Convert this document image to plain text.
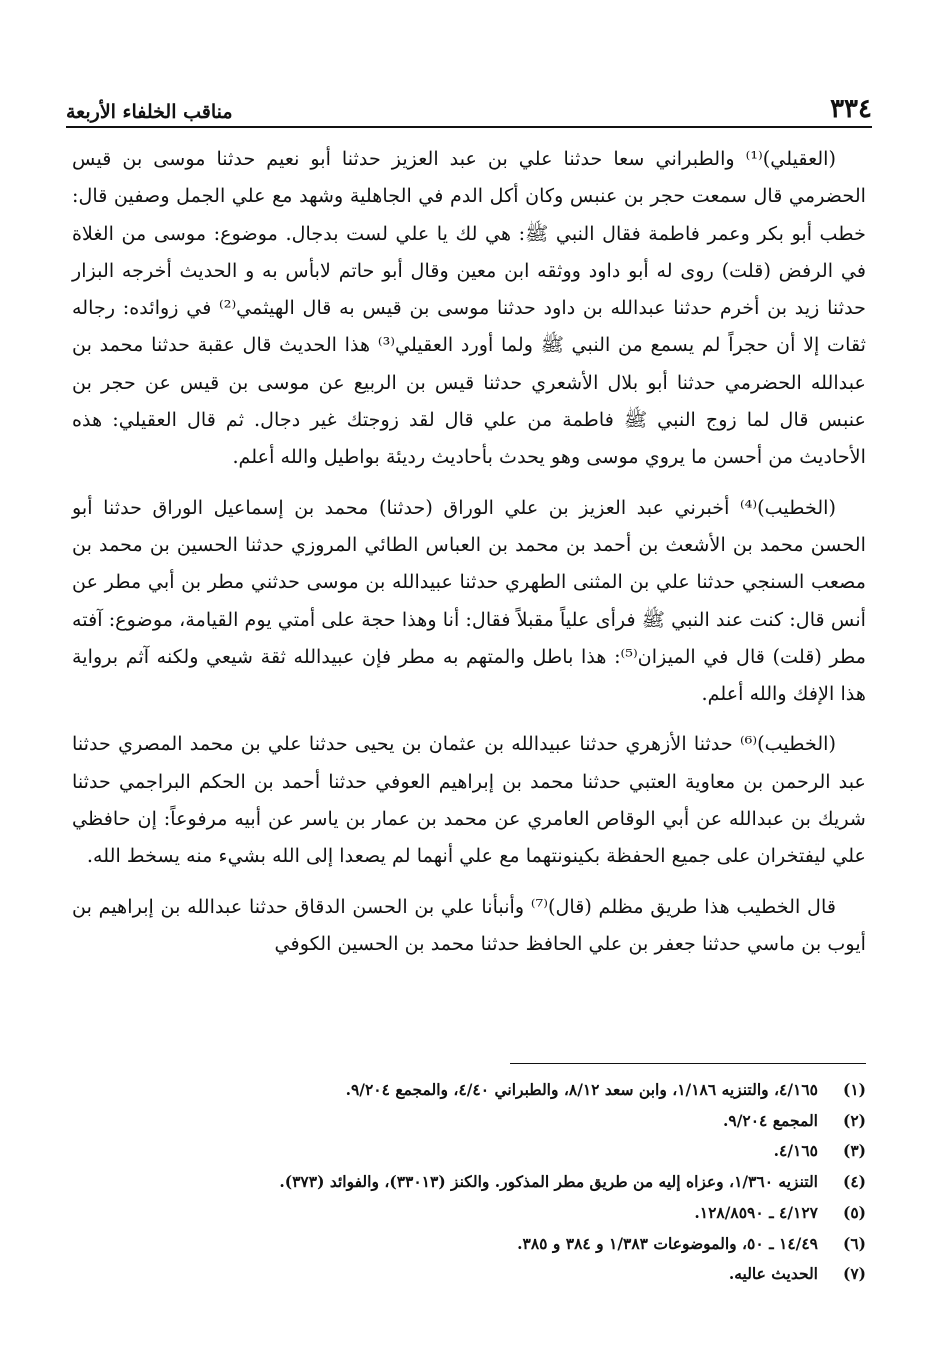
٣٣٤
مناقب الخلفاء الأربعة

(العقيلي)⁽¹⁾ والطبراني سعا حدثنا علي بن عبد العزيز حدثنا أبو نعيم حدثنا موسى بن قيس الحضرمي قال سمعت حجر بن عنبس وكان أكل الدم في الجاهلية وشهد مع علي الجمل وصفين قال: خطب أبو بكر وعمر فاطمة فقال النبي ﷺ: هي لك يا علي لست بدجال. موضوع: موسى من الغلاة في الرفض (قلت) روى له أبو داود ووثقه ابن معين وقال أبو حاتم لابأس به و الحديث أخرجه البزار حدثنا زيد بن أخرم حدثنا عبدالله بن داود حدثنا موسى بن قيس به قال الهيثمي⁽²⁾ في زوائده: رجاله ثقات إلا أن حجراً لم يسمع من النبي ﷺ ولما أورد العقيلي⁽³⁾ هذا الحديث قال عقبة حدثنا محمد بن عبدالله الحضرمي حدثنا أبو بلال الأشعري حدثنا قيس بن الربيع عن موسى بن قيس عن حجر بن عنبس قال لما زوج النبي ﷺ فاطمة من علي قال لقد زوجتك غير دجال. ثم قال العقيلي: هذه الأحاديث من أحسن ما يروي موسى وهو يحدث بأحاديث رديئة بواطيل والله أعلم.

(الخطيب)⁽⁴⁾ أخبرني عبد العزيز بن علي الوراق (حدثنا) محمد بن إسماعيل الوراق حدثنا أبو الحسن محمد بن الأشعث بن أحمد بن محمد بن العباس الطائي المروزي حدثنا الحسين بن محمد بن مصعب السنجي حدثنا علي بن المثنى الطهري حدثنا عبيدالله بن موسى حدثني مطر بن أبي مطر عن أنس قال: كنت عند النبي ﷺ فرأى علياً مقبلاً فقال: أنا وهذا حجة على أمتي يوم القيامة، موضوع: آفته مطر (قلت) قال في الميزان⁽⁵⁾: هذا باطل والمتهم به مطر فإن عبيدالله ثقة شيعي ولكنه آثم برواية هذا الإفك والله أعلم.

(الخطيب)⁽⁶⁾ حدثنا الأزهري حدثنا عبيدالله بن عثمان بن يحيى حدثنا علي بن محمد المصري حدثنا عبد الرحمن بن معاوية العتبي حدثنا محمد بن إبراهيم العوفي حدثنا أحمد بن الحكم البراجمي حدثنا شريك بن عبدالله عن أبي الوقاص العامري عن محمد بن عمار بن ياسر عن أبيه مرفوعاً: إن حافظي علي ليفتخران على جميع الحفظة بكينونتهما مع علي أنهما لم يصعدا إلى الله بشيء منه يسخط الله.

قال الخطيب هذا طريق مظلم (قال)⁽⁷⁾ وأنبأنا علي بن الحسن الدقاق حدثنا عبدالله بن إبراهيم بن أيوب بن ماسي حدثنا جعفر بن علي الحافظ حدثنا محمد بن الحسين الكوفي

(١)
٤/١٦٥، والتنزيه ١/١٨٦، وابن سعد ٨/١٢، والطبراني ٤/٤٠، والمجمع ٩/٢٠٤.
(٢)
المجمع ٩/٢٠٤.
(٣)
٤/١٦٥.
(٤)
التنزيه ١/٣٦٠، وعزاه إليه من طريق مطر المذكور. والكنز (٣٣٠١٣)، والفوائد (٣٧٣).
(٥)
٤/١٢٧ ـ ١٢٨/٨٥٩٠.
(٦)
١٤/٤٩ ـ ٥٠، والموضوعات ١/٣٨٣ و ٣٨٤ و ٣٨٥.
(٧)
الحديث عاليه.
